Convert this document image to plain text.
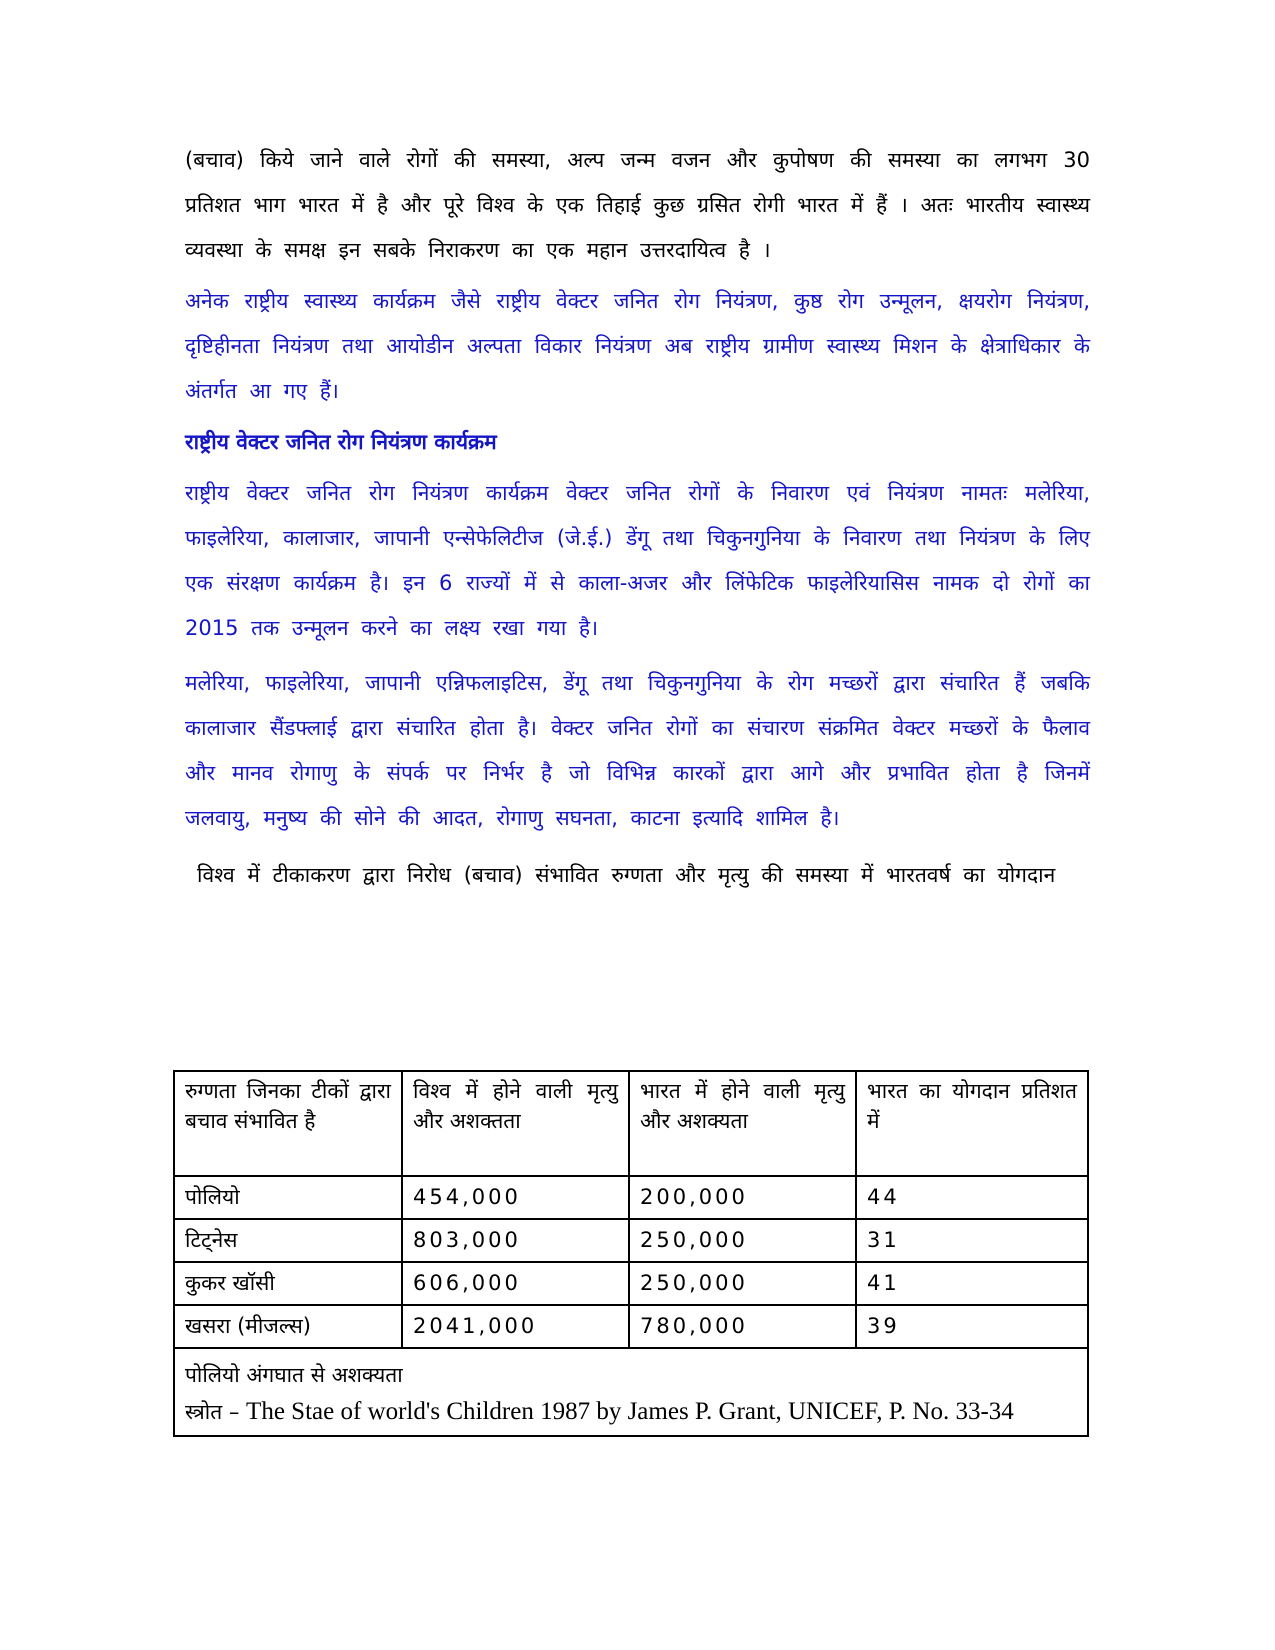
(बचाव) किये जाने वाले रोगों की समस्या, अल्प जन्म वजन और कुपोषण की समस्या का लगभग 30 प्रतिशत भाग भारत में है और पूरे विश्व के एक तिहाई कुछ ग्रसित रोगी भारत में हैं । अतः भारतीय स्वास्थ्य व्यवस्था के समक्ष इन सबके निराकरण का एक महान उत्तरदायित्व है ।

अनेक राष्ट्रीय स्वास्थ्य कार्यक्रम जैसे राष्ट्रीय वेक्टर जनित रोग नियंत्रण, कुष्ठ रोग उन्मूलन, क्षयरोग नियंत्रण, दृष्टिहीनता नियंत्रण तथा आयोडीन अल्पता विकार नियंत्रण अब राष्ट्रीय ग्रामीण स्वास्थ्य मिशन के क्षेत्राधिकार के अंतर्गत आ गए हैं।

राष्ट्रीय वेक्टर जनित रोग नियंत्रण कार्यक्रम

राष्ट्रीय वेक्टर जनित रोग नियंत्रण कार्यक्रम वेक्टर जनित रोगों के निवारण एवं नियंत्रण नामतः मलेरिया, फाइलेरिया, कालाजार, जापानी एन्सेफेलिटीज (जे.ई.) डेंगू तथा चिकुनगुनिया के निवारण तथा नियंत्रण के लिए एक संरक्षण कार्यक्रम है। इन 6 राज्यों में से काला-अजर और लिंफेटिक फाइलेरियासिस नामक दो रोगों का 2015 तक उन्मूलन करने का लक्ष्य रखा गया है।

मलेरिया, फाइलेरिया, जापानी एन्निफलाइटिस, डेंगू तथा चिकुनगुनिया के रोग मच्छरों द्वारा संचारित हैं जबकि कालाजार सैंडफ्लाई द्वारा संचारित होता है। वेक्टर जनित रोगों का संचारण संक्रमित वेक्टर मच्छरों के फैलाव और मानव रोगाणु के संपर्क पर निर्भर है जो विभिन्न कारकों द्वारा आगे और प्रभावित होता है जिनमें जलवायु, मनुष्य की सोने की आदत, रोगाणु सघनता, काटना इत्यादि शामिल है।

विश्व में टीकाकरण द्वारा निरोध (बचाव) संभावित रुग्णता और मृत्यु की समस्या में भारतवर्ष का योगदान

रुग्णता जिनका टीकों द्वारा बचाव संभावित है	विश्व में होने वाली मृत्यु और अशक्तता	भारत में होने वाली मृत्यु और अशक्यता	भारत का योगदान प्रतिशत में
पोलियो	454,000	200,000	44
टिट्नेस	803,000	250,000	31
कुकर खॉसी	606,000	250,000	41
खसरा (मीजल्स)	2041,000	780,000	39

पोलियो अंगघात से अशक्यता
स्त्रोत – The Stae of world's Children 1987 by James P. Grant, UNICEF, P. No. 33-34			
